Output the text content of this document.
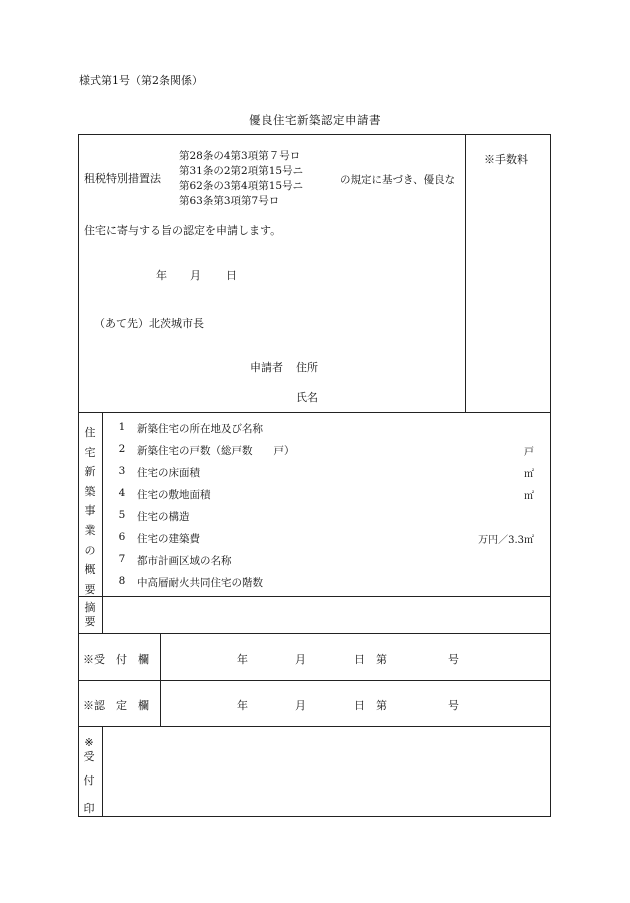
様式第1号（第2条関係）
優良住宅新築認定申請書
租税特別措置法
第28条の4第3項第７号ロ
第31条の2第2項第15号ニ
第62条の3第4項第15号ニ
第63条第3項第7号ロ
の規定に基づき、優良な
※手数料
住宅に寄与する旨の認定を申請します。
年 月 日
（あて先）北茨城市長
申請者 住所
氏名
住
宅
新
築
事
業
の
概
要
1	新築住宅の所在地及び名称
2	新築住宅の戸数（総戸数　　戸）	戸
3	住宅の床面積	㎡
4	住宅の敷地面積	㎡
5	住宅の構造
6	住宅の建築費	万円／3.3㎡
7	都市計画区域の名称
8	中高層耐火共同住宅の階数
摘
要
※受　付　欄	年	月	日 第	号
※認　定　欄	年	月	日 第	号
※
受
付
印
